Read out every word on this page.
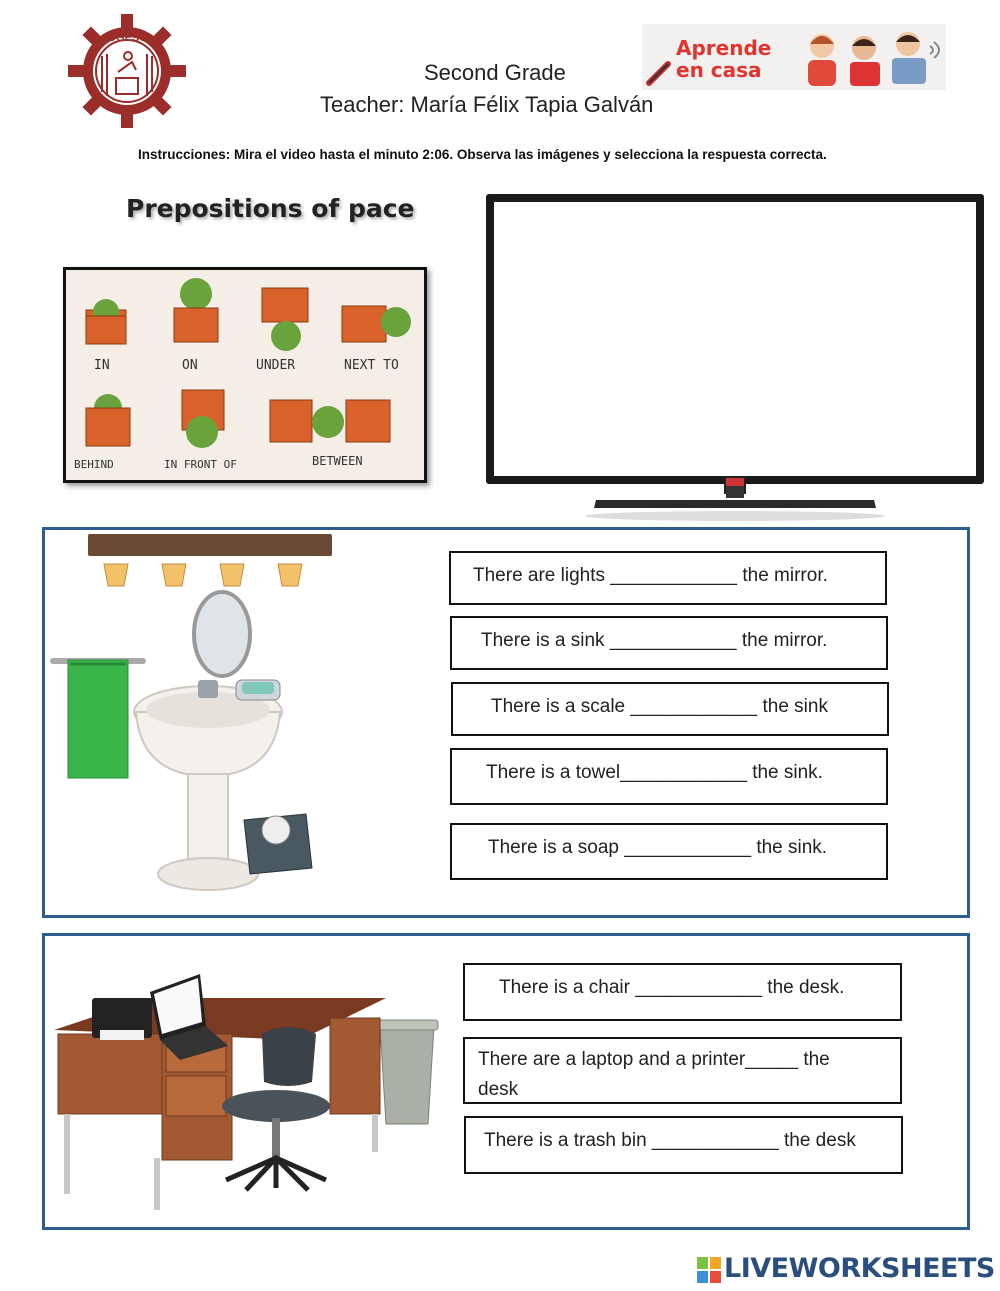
DGEST
Second Grade
Teacher: María Félix Tapia Galván
Aprende
en casa
Instrucciones: Mira el video hasta el minuto 2:06. Observa las imágenes y selecciona la respuesta correcta.
Prepositions of pace
IN	ON	UNDER	NEXT TO
BEHIND	IN FRONT OF	BETWEEN
There are lights ____________ the mirror.
There is a sink ____________ the mirror.
There is a scale ____________ the sink
There is a towel____________ the sink.
There is a soap ____________ the sink.
There is a chair ____________ the desk.
There are a laptop and a printer_____ the desk
There is a trash bin ____________ the desk
LIVEWORKSHEETS
